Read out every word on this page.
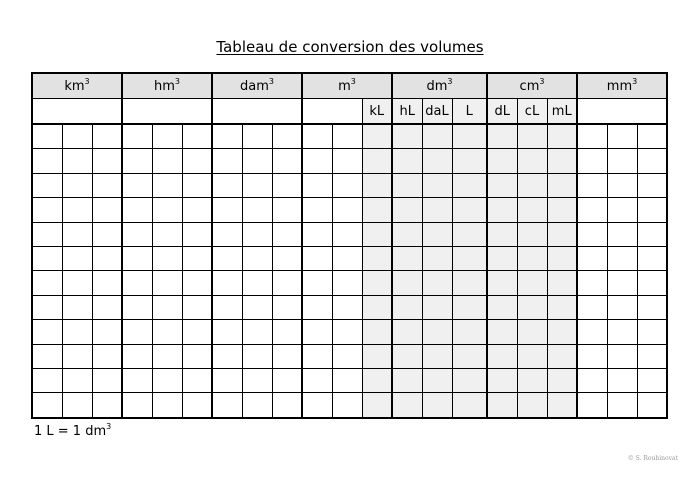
Tableau de conversion des volumes
$km^3$			$hm^3$			dam$^3$			$m^3$			$dm^3$			$cm^3$			$mm^3$
											kL	hL	daL	L	dL	cL	mL			

1 L = 1 $dm^3$
© S. Roubinovat
